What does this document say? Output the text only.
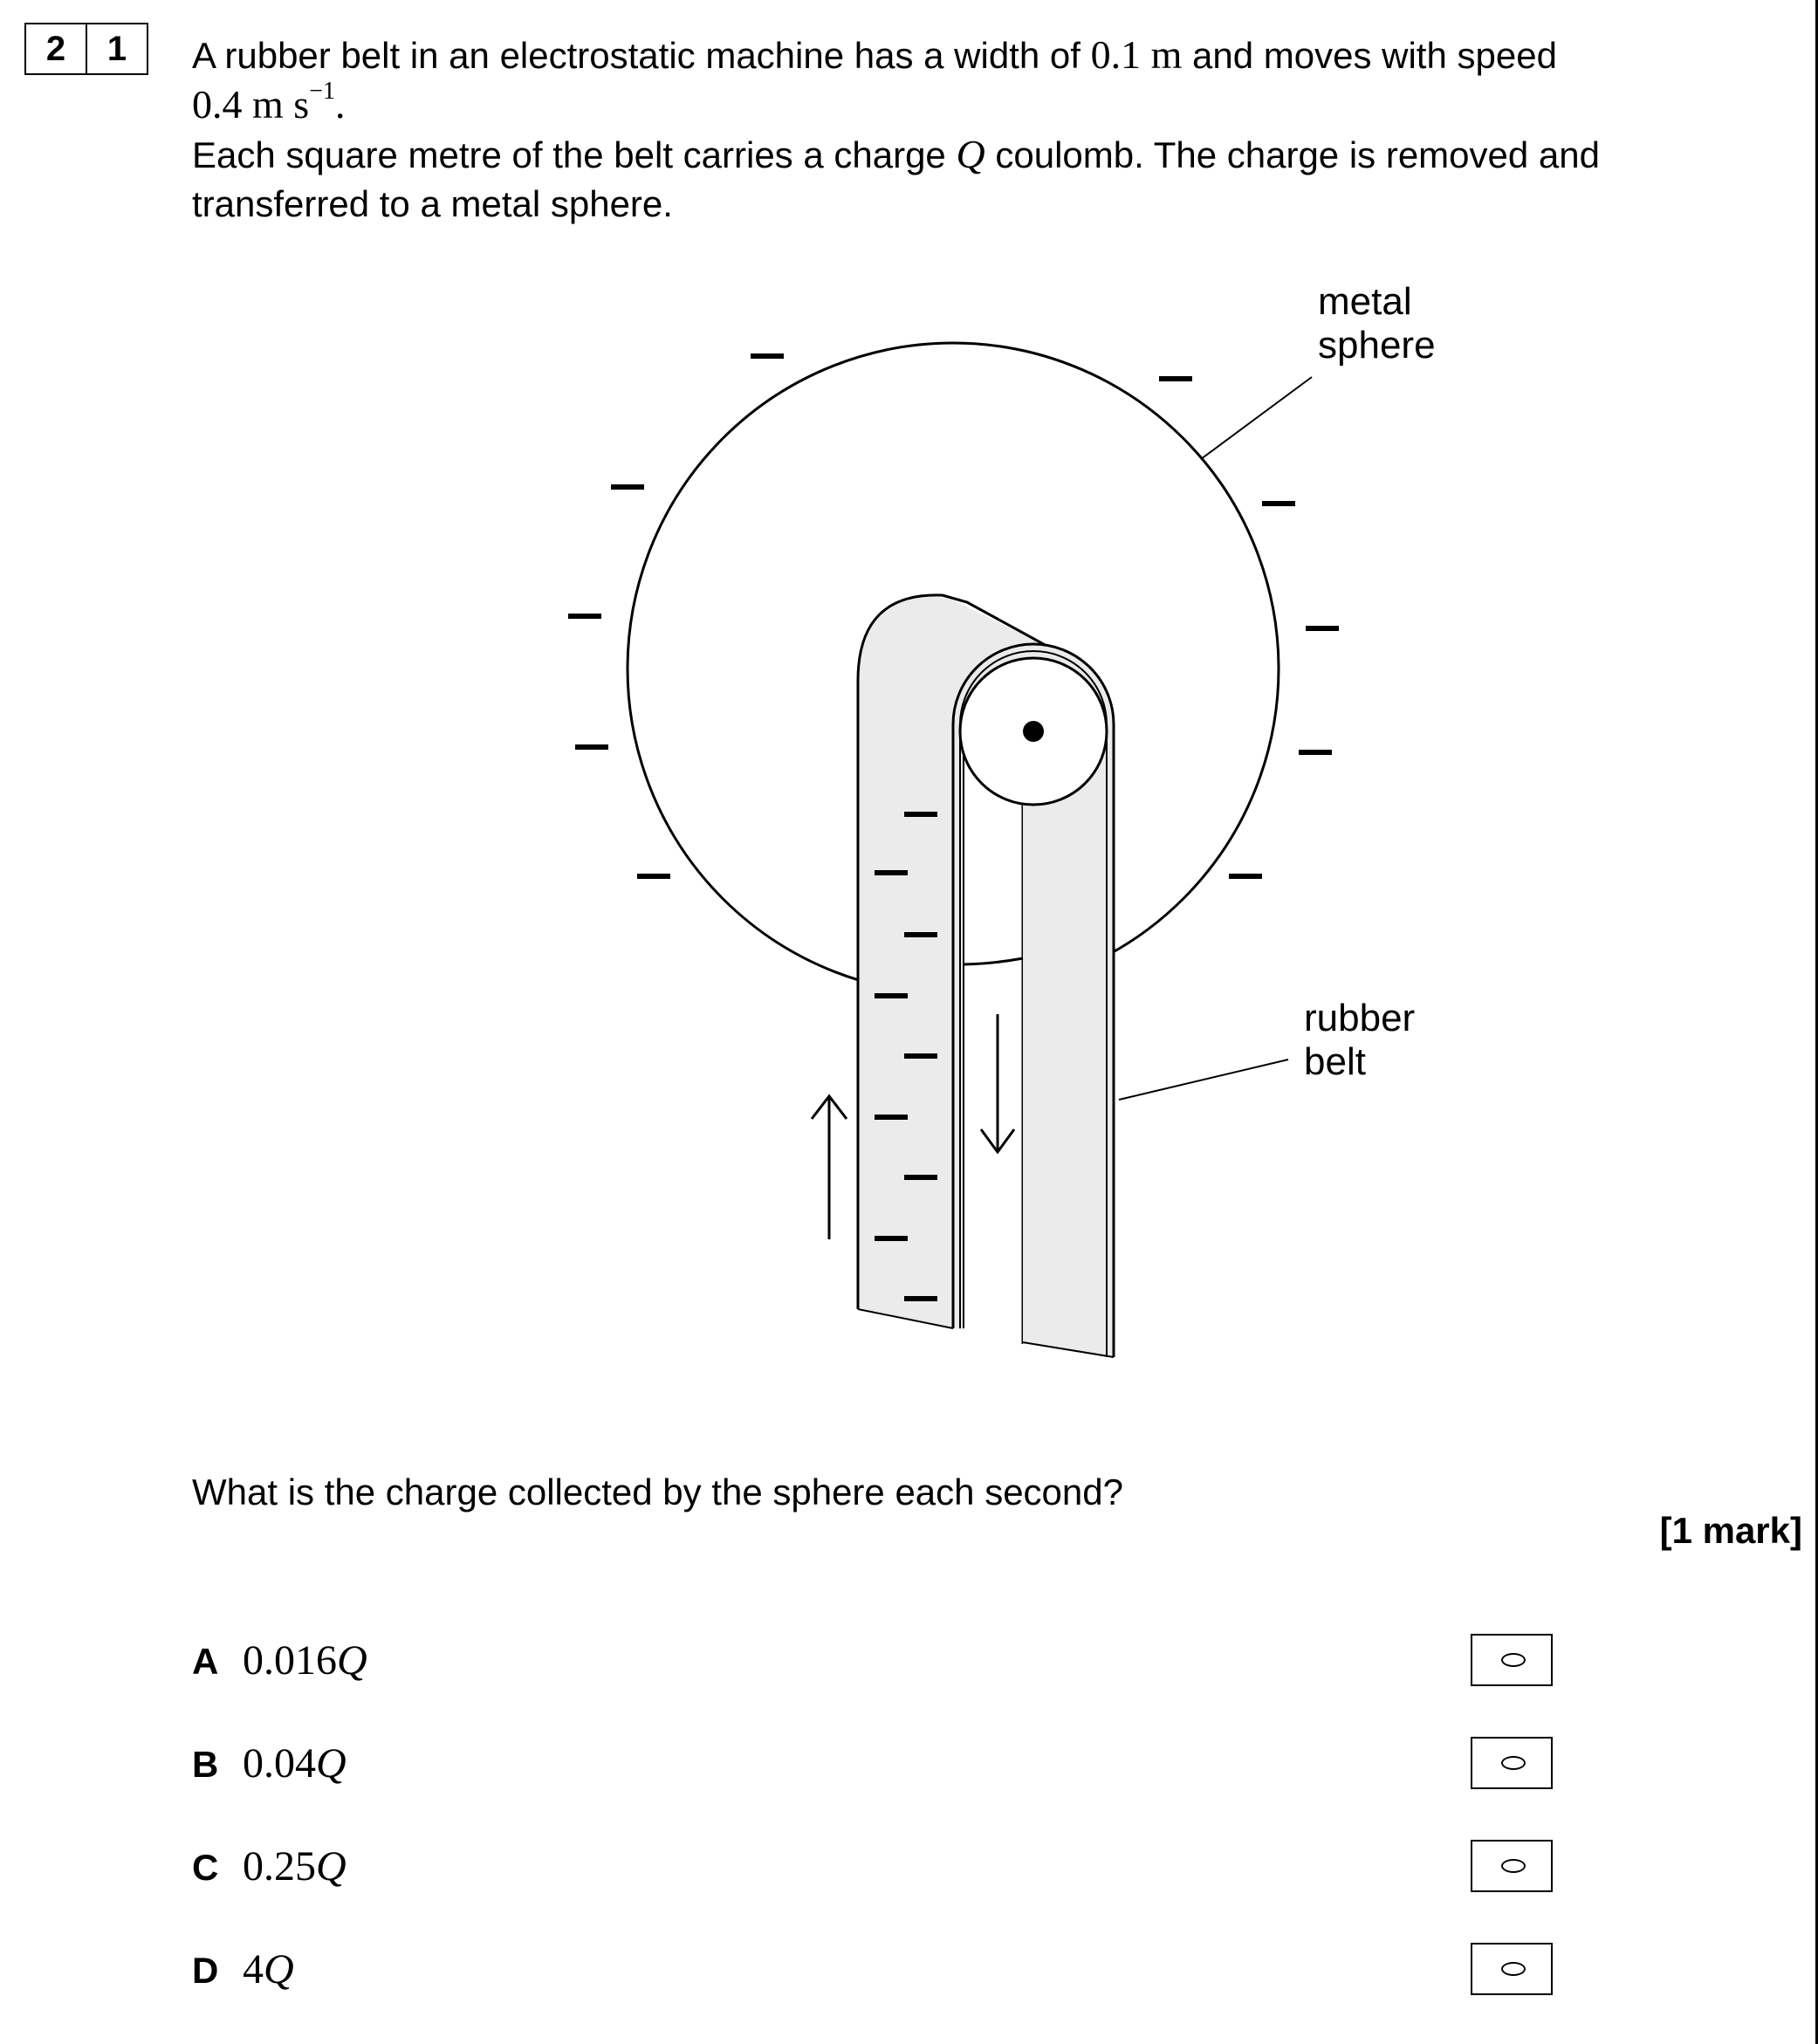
2	1	A rubber belt in an electrostatic machine has a width of 0.1 m and moves with speed
0.4 m $s^{-1}$.
Each square metre of the belt carries a charge Q coulomb. The charge is removed and
transferred to a metal sphere.
metal
sphere
rubber
belt
What is the charge collected by the sphere each second?
[1 mark]
A 0.016Q
B 0.04Q
C 0.25Q
D 4Q
